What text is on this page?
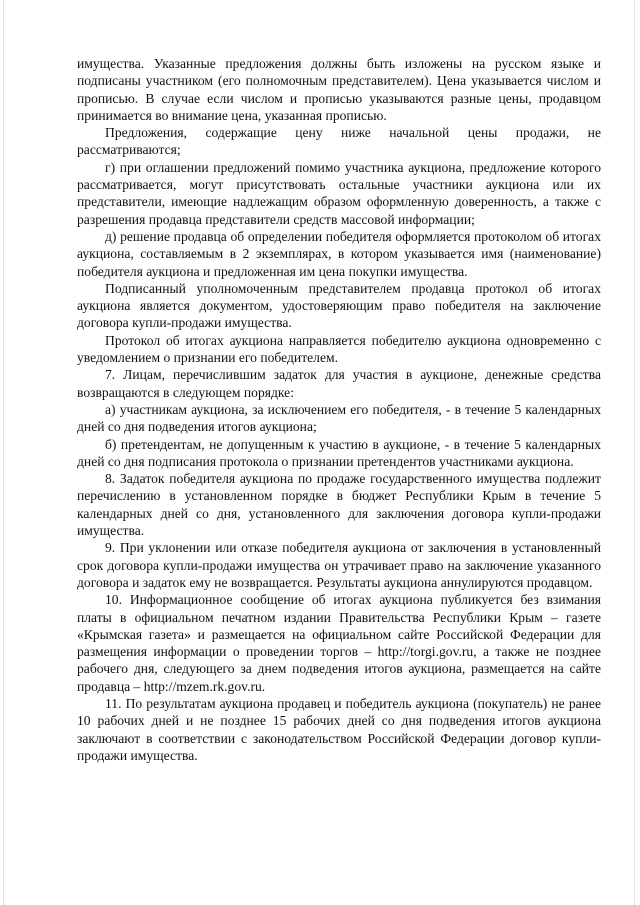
имущества. Указанные предложения должны быть изложены на русском языке и подписаны участником (его полномочным представителем). Цена указывается числом и прописью. В случае если числом и прописью указываются разные цены, продавцом принимается во внимание цена, указанная прописью.

Предложения, содержащие цену ниже начальной цены продажи, не рассматриваются;

г) при оглашении предложений помимо участника аукциона, предложение которого рассматривается, могут присутствовать остальные участники аукциона или их представители, имеющие надлежащим образом оформленную доверенность, а также с разрешения продавца представители средств массовой информации;

д) решение продавца об определении победителя оформляется протоколом об итогах аукциона, составляемым в 2 экземплярах, в котором указывается имя (наименование) победителя аукциона и предложенная им цена покупки имущества.

Подписанный уполномоченным представителем продавца протокол об итогах аукциона является документом, удостоверяющим право победителя на заключение договора купли-продажи имущества.

Протокол об итогах аукциона направляется победителю аукциона одновременно с уведомлением о признании его победителем.

7. Лицам, перечислившим задаток для участия в аукционе, денежные средства возвращаются в следующем порядке:

а) участникам аукциона, за исключением его победителя, - в течение 5 календарных дней со дня подведения итогов аукциона;

б) претендентам, не допущенным к участию в аукционе, - в течение 5 календарных дней со дня подписания протокола о признании претендентов участниками аукциона.

8. Задаток победителя аукциона по продаже государственного имущества подлежит перечислению в установленном порядке в бюджет Республики Крым в течение 5 календарных дней со дня, установленного для заключения договора купли-продажи имущества.

9. При уклонении или отказе победителя аукциона от заключения в установленный срок договора купли-продажи имущества он утрачивает право на заключение указанного договора и задаток ему не возвращается. Результаты аукциона аннулируются продавцом.

10. Информационное сообщение об итогах аукциона публикуется без взимания платы в официальном печатном издании Правительства Республики Крым – газете «Крымская газета» и размещается на официальном сайте Российской Федерации для размещения информации о проведении торгов – http://torgi.gov.ru, а также не позднее рабочего дня, следующего за днем подведения итогов аукциона, размещается на сайте продавца – http://mzem.rk.gov.ru.

11. По результатам аукциона продавец и победитель аукциона (покупатель) не ранее 10 рабочих дней и не позднее 15 рабочих дней со дня подведения итогов аукциона заключают в соответствии с законодательством Российской Федерации договор купли-продажи имущества.
